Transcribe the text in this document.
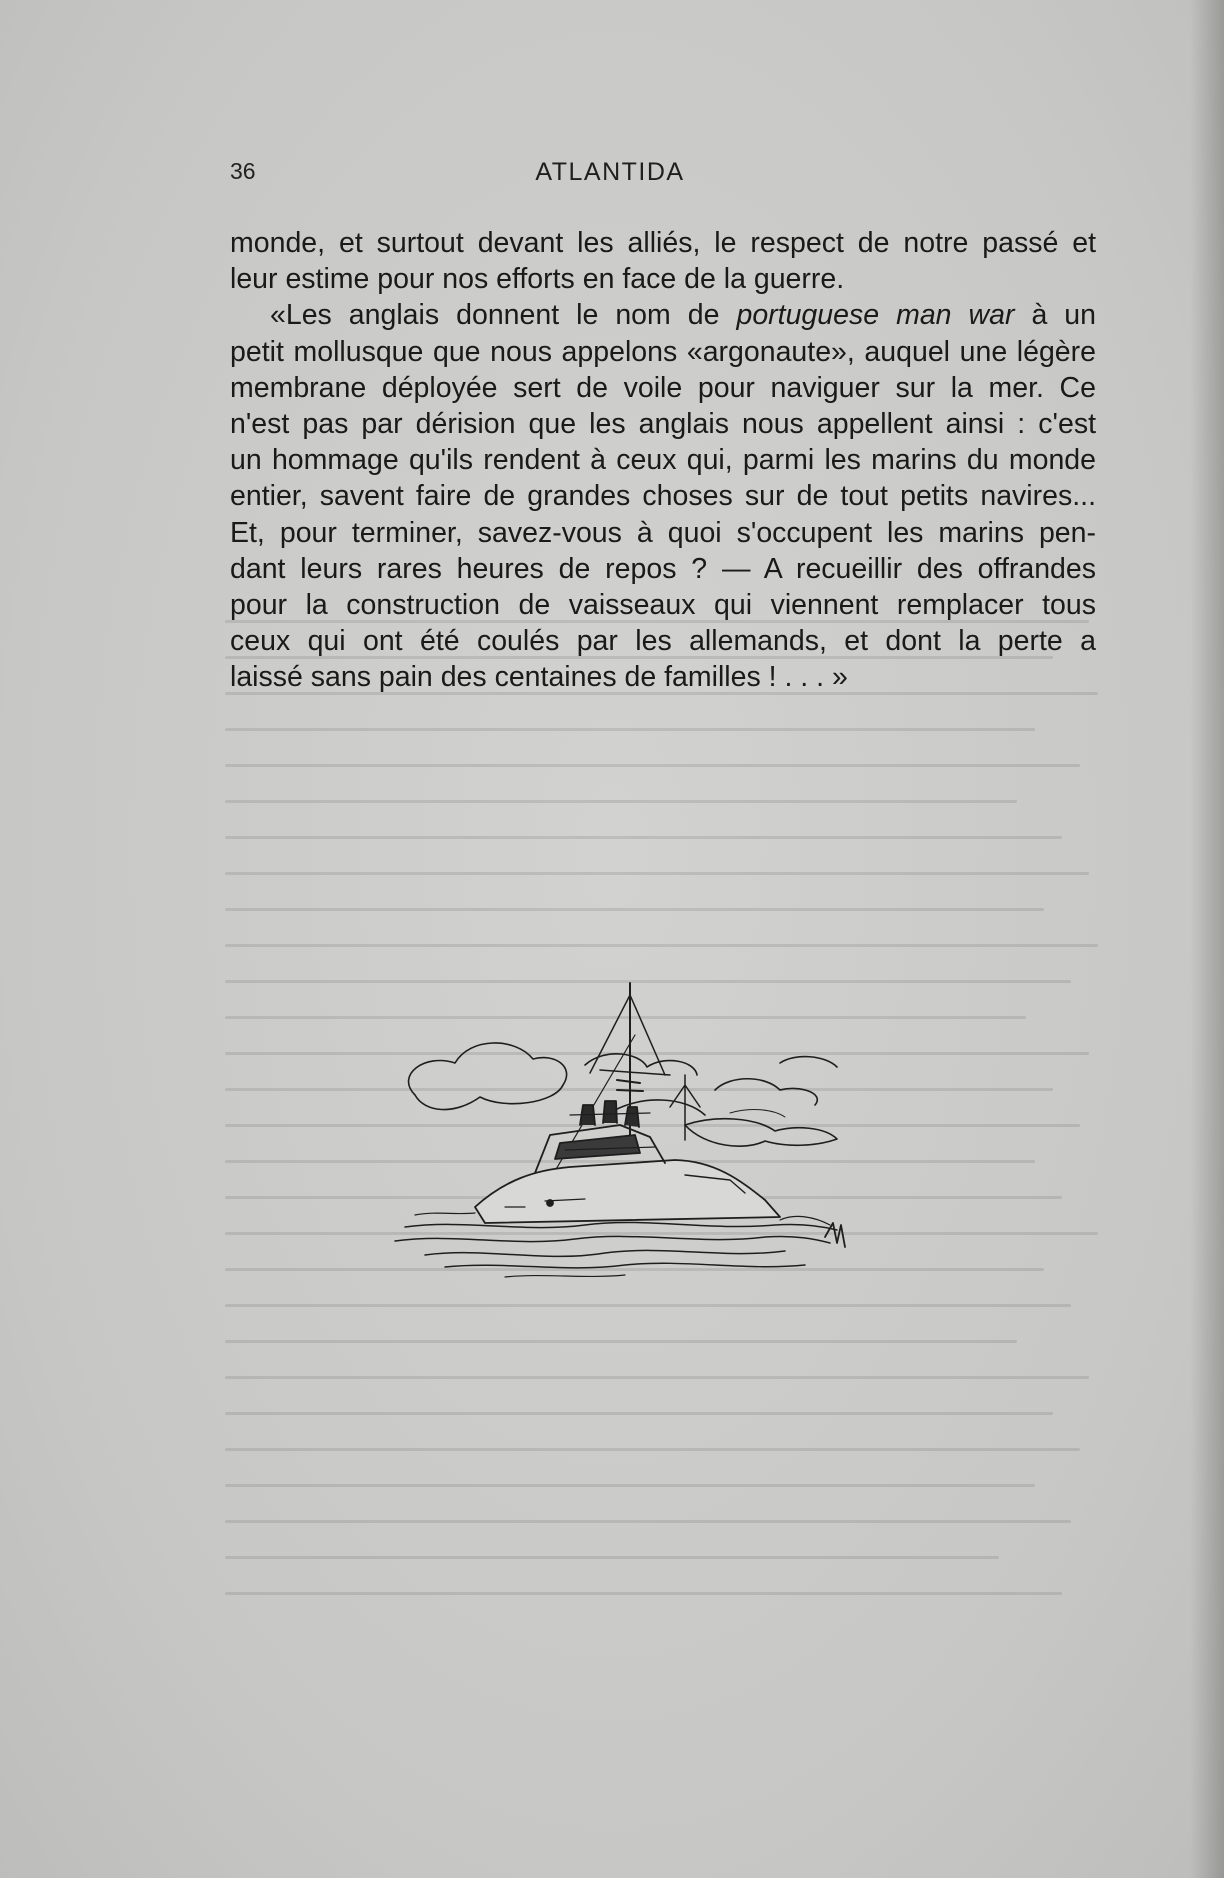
36	ATLANTIDA

monde, et surtout devant les alliés, le respect de notre passé et

leur estime pour nos efforts en face de la guerre.

«Les anglais donnent le nom de portuguese man war à un

petit mollusque que nous appelons «argonaute», auquel une légère

membrane déployée sert de voile pour naviguer sur la mer. Ce

n'est pas par dérision que les anglais nous appellent ainsi : c'est

un hommage qu'ils rendent à ceux qui, parmi les marins du monde

entier, savent faire de grandes choses sur de tout petits navires...

Et, pour terminer, savez-vous à quoi s'occupent les marins pen-

dant leurs rares heures de repos ? — A recueillir des offrandes

pour la construction de vaisseaux qui viennent remplacer tous

ceux qui ont été coulés par les allemands, et dont la perte a

laissé sans pain des centaines de familles ! . . . »
